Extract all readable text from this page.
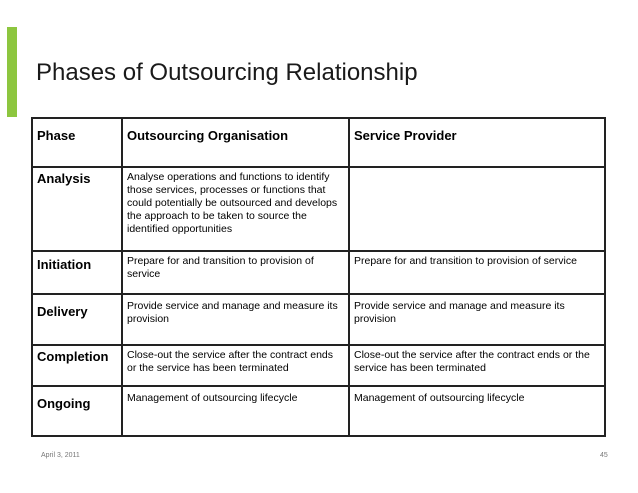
Phases of Outsourcing Relationship
Phase	Outsourcing Organisation	Service Provider
Analysis	Analyse operations and functions to identify those services, processes or functions that could potentially be outsourced and develops the approach to be taken to source the identified opportunities	
Initiation	Prepare for and transition to provision of service	Prepare for and transition to provision of service
Delivery	Provide service and manage and measure its provision	Provide service and manage and measure its provision
Completion	Close-out the service after the contract ends or the service has been terminated	Close-out the service after the contract ends or the service has been terminated
Ongoing	Management of outsourcing lifecycle	Management of outsourcing lifecycle
April 3, 2011	45
